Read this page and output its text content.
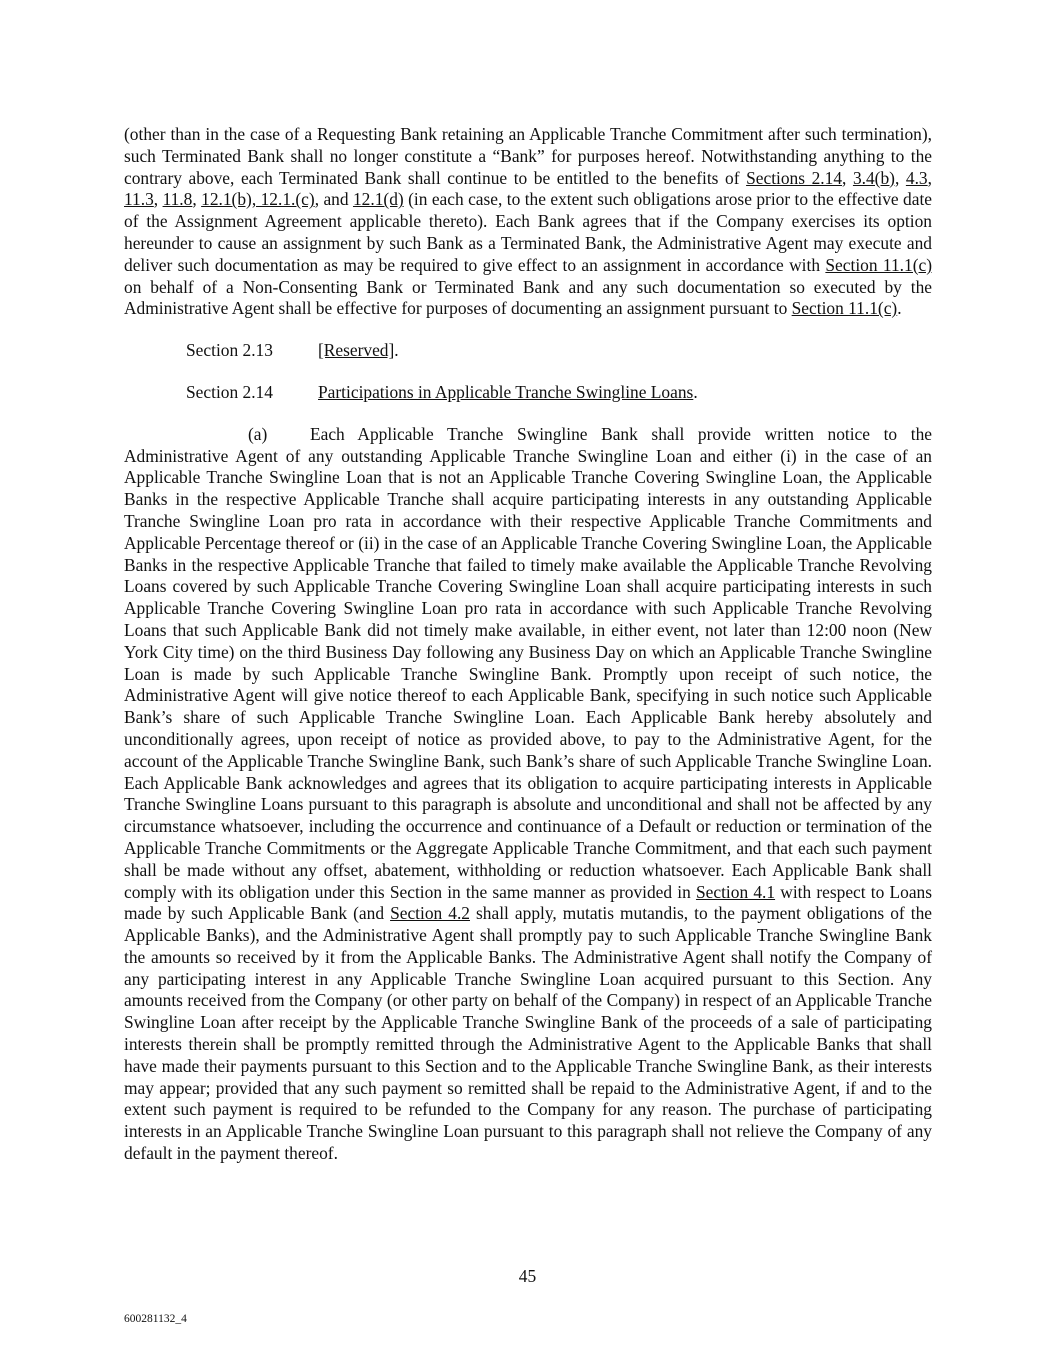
(other than in the case of a Requesting Bank retaining an Applicable Tranche Commitment after such termination), such Terminated Bank shall no longer constitute a “Bank” for purposes hereof. Notwithstanding anything to the contrary above, each Terminated Bank shall continue to be entitled to the benefits of Sections 2.14, 3.4(b), 4.3, 11.3, 11.8, 12.1(b), 12.1.(c), and 12.1(d) (in each case, to the extent such obligations arose prior to the effective date of the Assignment Agreement applicable thereto). Each Bank agrees that if the Company exercises its option hereunder to cause an assignment by such Bank as a Terminated Bank, the Administrative Agent may execute and deliver such documentation as may be required to give effect to an assignment in accordance with Section 11.1(c) on behalf of a Non-Consenting Bank or Terminated Bank and any such documentation so executed by the Administrative Agent shall be effective for purposes of documenting an assignment pursuant to Section 11.1(c).

Section 2.13	[Reserved].
Section 2.14	Participations in Applicable Tranche Swingline Loans.

(a) Each Applicable Tranche Swingline Bank shall provide written notice to the Administrative Agent of any outstanding Applicable Tranche Swingline Loan and either (i) in the case of an Applicable Tranche Swingline Loan that is not an Applicable Tranche Covering Swingline Loan, the Applicable Banks in the respective Applicable Tranche shall acquire participating interests in any outstanding Applicable Tranche Swingline Loan pro rata in accordance with their respective Applicable Tranche Commitments and Applicable Percentage thereof or (ii) in the case of an Applicable Tranche Covering Swingline Loan, the Applicable Banks in the respective Applicable Tranche that failed to timely make available the Applicable Tranche Revolving Loans covered by such Applicable Tranche Covering Swingline Loan shall acquire participating interests in such Applicable Tranche Covering Swingline Loan pro rata in accordance with such Applicable Tranche Revolving Loans that such Applicable Bank did not timely make available, in either event, not later than 12:00 noon (New York City time) on the third Business Day following any Business Day on which an Applicable Tranche Swingline Loan is made by such Applicable Tranche Swingline Bank. Promptly upon receipt of such notice, the Administrative Agent will give notice thereof to each Applicable Bank, specifying in such notice such Applicable Bank’s share of such Applicable Tranche Swingline Loan. Each Applicable Bank hereby absolutely and unconditionally agrees, upon receipt of notice as provided above, to pay to the Administrative Agent, for the account of the Applicable Tranche Swingline Bank, such Bank’s share of such Applicable Tranche Swingline Loan. Each Applicable Bank acknowledges and agrees that its obligation to acquire participating interests in Applicable Tranche Swingline Loans pursuant to this paragraph is absolute and unconditional and shall not be affected by any circumstance whatsoever, including the occurrence and continuance of a Default or reduction or termination of the Applicable Tranche Commitments or the Aggregate Applicable Tranche Commitment, and that each such payment shall be made without any offset, abatement, withholding or reduction whatsoever. Each Applicable Bank shall comply with its obligation under this Section in the same manner as provided in Section 4.1 with respect to Loans made by such Applicable Bank (and Section 4.2 shall apply, mutatis mutandis, to the payment obligations of the Applicable Banks), and the Administrative Agent shall promptly pay to such Applicable Tranche Swingline Bank the amounts so received by it from the Applicable Banks. The Administrative Agent shall notify the Company of any participating interest in any Applicable Tranche Swingline Loan acquired pursuant to this Section. Any amounts received from the Company (or other party on behalf of the Company) in respect of an Applicable Tranche Swingline Loan after receipt by the Applicable Tranche Swingline Bank of the proceeds of a sale of participating interests therein shall be promptly remitted through the Administrative Agent to the Applicable Banks that shall have made their payments pursuant to this Section and to the Applicable Tranche Swingline Bank, as their interests may appear; provided that any such payment so remitted shall be repaid to the Administrative Agent, if and to the extent such payment is required to be refunded to the Company for any reason. The purchase of participating interests in an Applicable Tranche Swingline Loan pursuant to this paragraph shall not relieve the Company of any default in the payment thereof.

45
600281132_4
